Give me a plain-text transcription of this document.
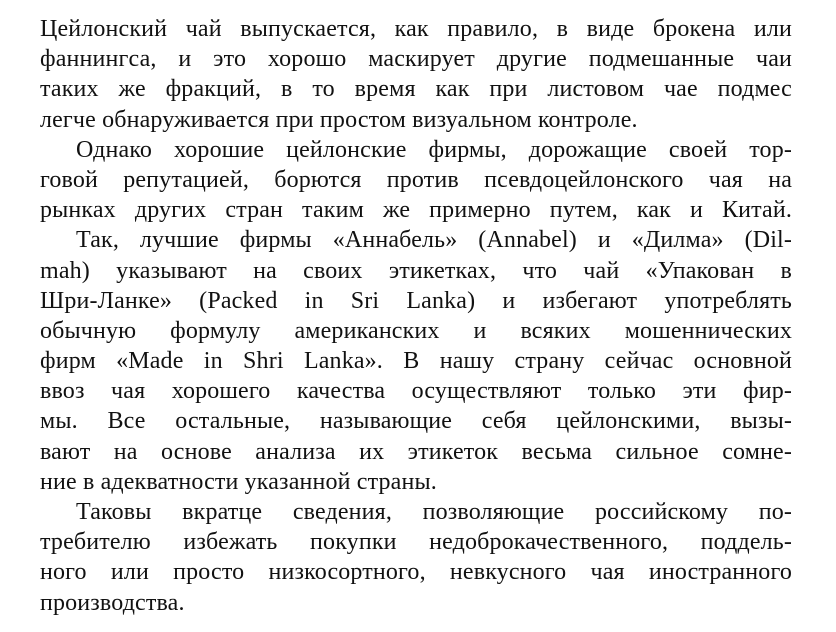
Цейлонский чай выпускается, как правило, в виде брокена или
фаннингса, и это хорошо маскирует другие подмешанные чаи
таких же фракций, в то время как при листовом чае подмес
легче обнаруживается при простом визуальном контроле.
Однако хорошие цейлонские фирмы, дорожащие своей тор-
говой репутацией, борются против псевдоцейлонского чая на
рынках других стран таким же примерно путем, как и Китай.
Так, лучшие фирмы «Аннабель» (Annabel) и «Дилма» (Dil-
mah) указывают на своих этикетках, что чай «Упакован в
Шри-Ланке» (Packed in Sri Lanka) и избегают употреблять
обычную формулу американских и всяких мошеннических
фирм «Made in Shri Lanka». В нашу страну сейчас основной
ввоз чая хорошего качества осуществляют только эти фир-
мы. Все остальные, называющие себя цейлонскими, вызы-
вают на основе анализа их этикеток весьма сильное сомне-
ние в адекватности указанной страны.
Таковы вкратце сведения, позволяющие российскому по-
требителю избежать покупки недоброкачественного, поддель-
ного или просто низкосортного, невкусного чая иностранного
производства.
